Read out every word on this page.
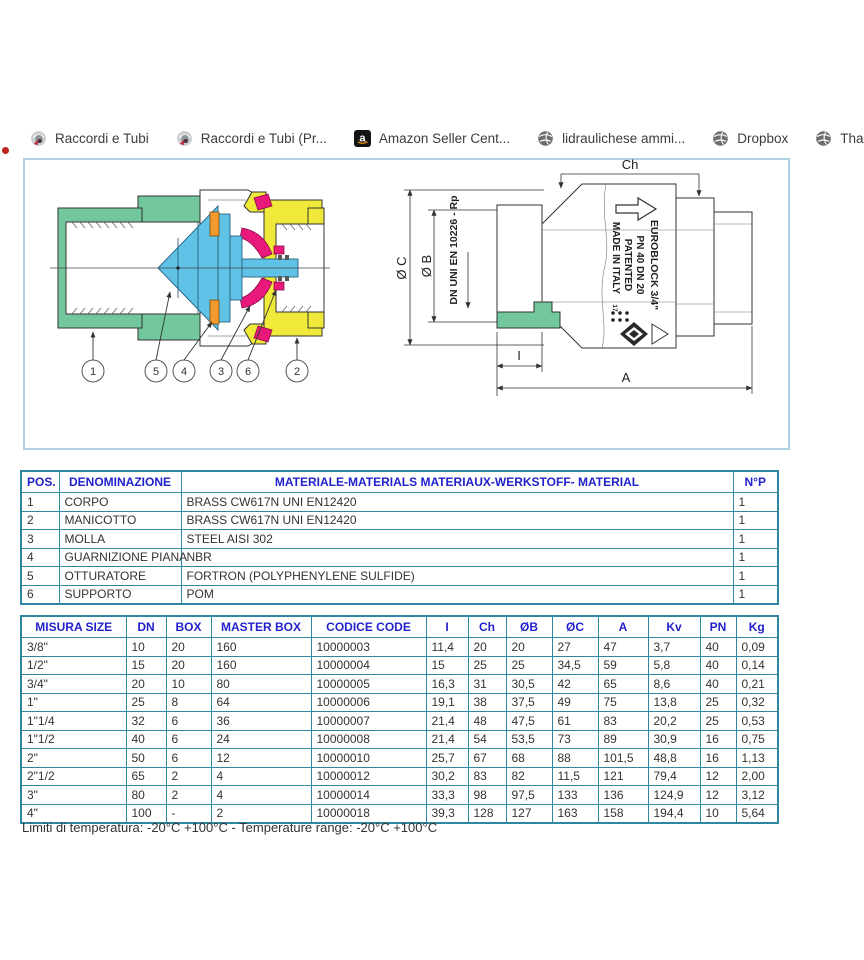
Raccordi e Tubi	Raccordi e Tubi (Pr... a Amazon Seller Cent...	lidraulichese ammi...	Dropbox	Tha
1	5 4	3 6	2
EUROBLOCK 3/4"
PN 40 DN 20
PATENTED
MADE IN ITALY
17
Ch
Ø C Ø B DN UNI EN 10226 - Rp
I
A
POS.	DENOMINAZIONE	MATERIALE-MATERIALS MATERIAUX-WERKSTOFF- MATERIAL	N°P
1	CORPO	BRASS CW617N UNI EN12420	1
2	MANICOTTO	BRASS CW617N UNI EN12420	1
3	MOLLA	STEEL AISI 302	1
4	GUARNIZIONE PIANA	NBR	1
5	OTTURATORE	FORTRON (POLYPHENYLENE SULFIDE)	1
6	SUPPORTO	POM	1
MISURA SIZE	DN	BOX	MASTER BOX	CODICE CODE	I	Ch	ØB	ØC	A	Kv	PN	Kg
3/8"	10	20	160	10000003	11,4	20	20	27	47	3,7	40	0,09
1/2"	15	20	160	10000004	15	25	25	34,5	59	5,8	40	0,14
3/4"	20	10	80	10000005	16,3	31	30,5	42	65	8,6	40	0,21
1"	25	8	64	10000006	19,1	38	37,5	49	75	13,8	25	0,32
1"1/4	32	6	36	10000007	21,4	48	47,5	61	83	20,2	25	0,53
1"1/2	40	6	24	10000008	21,4	54	53,5	73	89	30,9	16	0,75
2"	50	6	12	10000010	25,7	67	68	88	101,5	48,8	16	1,13
2"1/2	65	2	4	10000012	30,2	83	82	11,5	121	79,4	12	2,00
3"	80	2	4	10000014	33,3	98	97,5	133	136	124,9	12	3,12
4"	100	-	2	10000018	39,3	128	127	163	158	194,4	10	5,64
Limiti di temperatura: -20°C +100°C - Temperature range: -20°C +100°C
